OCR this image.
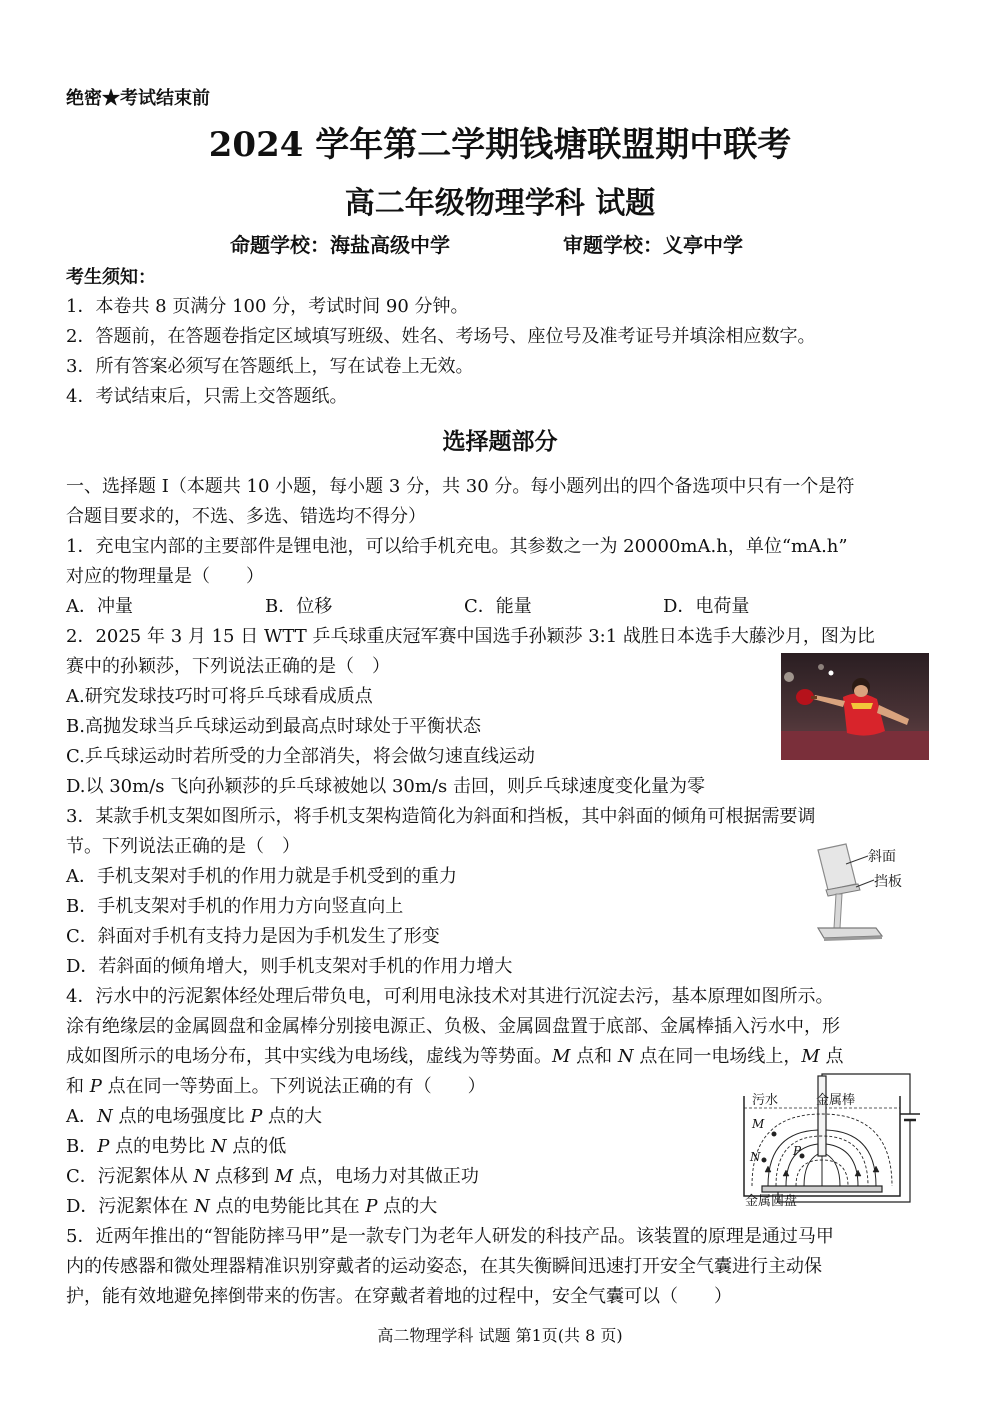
绝密★考试结束前
2024 学年第二学期钱塘联盟期中联考
高二年级物理学科 试题
命题学校：海盐高级中学	审题学校：义亭中学
考生须知：
1．本卷共 8 页满分 100 分，考试时间 90 分钟。
2．答题前，在答题卷指定区域填写班级、姓名、考场号、座位号及准考证号并填涂相应数字。
3．所有答案必须写在答题纸上，写在试卷上无效。
4．考试结束后，只需上交答题纸。
选择题部分
一、选择题 I（本题共 10 小题，每小题 3 分，共 30 分。每小题列出的四个备选项中只有一个是符
合题目要求的，不选、多选、错选均不得分）
1．充电宝内部的主要部件是锂电池，可以给手机充电。其参数之一为 20000mA.h，单位“mA.h”
对应的物理量是（　　）
A．冲量	B．位移	C．能量	D．电荷量
2．2025 年 3 月 15 日 WTT 乒乓球重庆冠军赛中国选手孙颖莎 3:1 战胜日本选手大藤沙月，图为比
赛中的孙颖莎，下列说法正确的是（　）
A.研究发球技巧时可将乒乓球看成质点
B.高抛发球当乒乓球运动到最高点时球处于平衡状态
C.乒乓球运动时若所受的力全部消失，将会做匀速直线运动
D.以 30m/s 飞向孙颖莎的乒乓球被她以 30m/s 击回，则乒乓球速度变化量为零
3．某款手机支架如图所示，将手机支架构造简化为斜面和挡板，其中斜面的倾角可根据需要调
节。下列说法正确的是（　）
A．手机支架对手机的作用力就是手机受到的重力
B．手机支架对手机的作用力方向竖直向上
C．斜面对手机有支持力是因为手机发生了形变
D．若斜面的倾角增大，则手机支架对手机的作用力增大
斜面
挡板
4．污水中的污泥絮体经处理后带负电，可利用电泳技术对其进行沉淀去污，基本原理如图所示。
涂有绝缘层的金属圆盘和金属棒分别接电源正、负极、金属圆盘置于底部、金属棒插入污水中，形
成如图所示的电场分布，其中实线为电场线，虚线为等势面。M 点和 N 点在同一电场线上，M 点
和 P 点在同一等势面上。下列说法正确的有（　　）
A．N 点的电场强度比 P 点的大
B．P 点的电势比 N 点的低
C．污泥絮体从 N 点移到 M 点，电场力对其做正功
D．污泥絮体在 N 点的电势能比其在 P 点的大
污水	金属棒
金属圆盘
M
N	P
5．近两年推出的“智能防摔马甲”是一款专门为老年人研发的科技产品。该装置的原理是通过马甲
内的传感器和微处理器精准识别穿戴者的运动姿态，在其失衡瞬间迅速打开安全气囊进行主动保
护，能有效地避免摔倒带来的伤害。在穿戴者着地的过程中，安全气囊可以（　　）
高二物理学科 试题 第1页(共 8 页)
